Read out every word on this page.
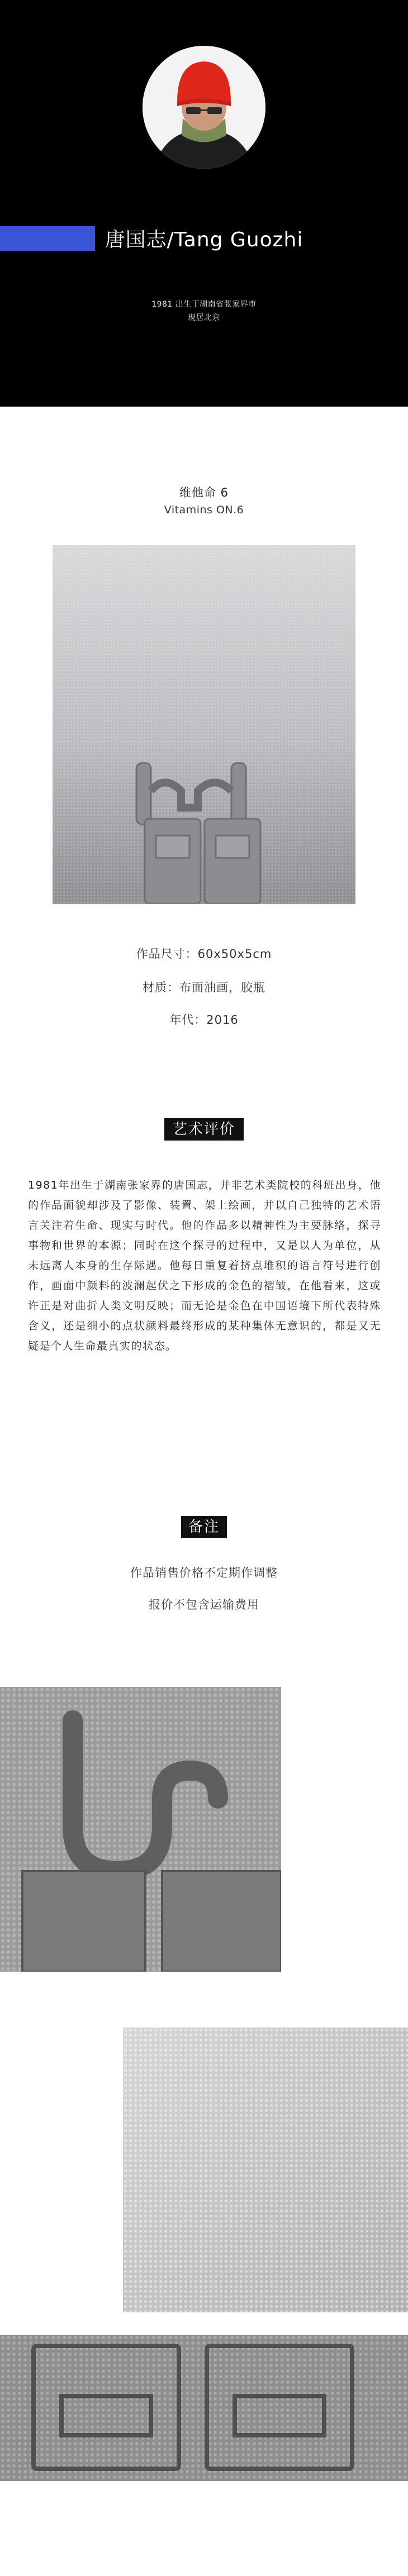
唐国志/Tang Guozhi
1981 出生于湖南省张家界市
现居北京
维他命 6
Vitamins ON.6
作品尺寸：60x50x5cm
材质：布面油画，胶瓶
年代：2016
艺术评价
1981年出生于湖南张家界的唐国志，并非艺术类院校的科班出身，他的作品面貌却涉及了影像、装置、架上绘画，并以自己独特的艺术语言关注着生命、现实与时代。他的作品多以精神性为主要脉络，探寻事物和世界的本源；同时在这个探寻的过程中，又是以人为单位，从未远离人本身的生存际遇。他每日重复着挤点堆积的语言符号进行创作，画面中颜料的波澜起伏之下形成的金色的褶皱，在他看来，这或许正是对曲折人类文明反映；而无论是金色在中国语境下所代表特殊含义，还是细小的点状颜料最终形成的某种集体无意识的，都是又无疑是个人生命最真实的状态。
备注
作品销售价格不定期作调整
报价不包含运输费用
